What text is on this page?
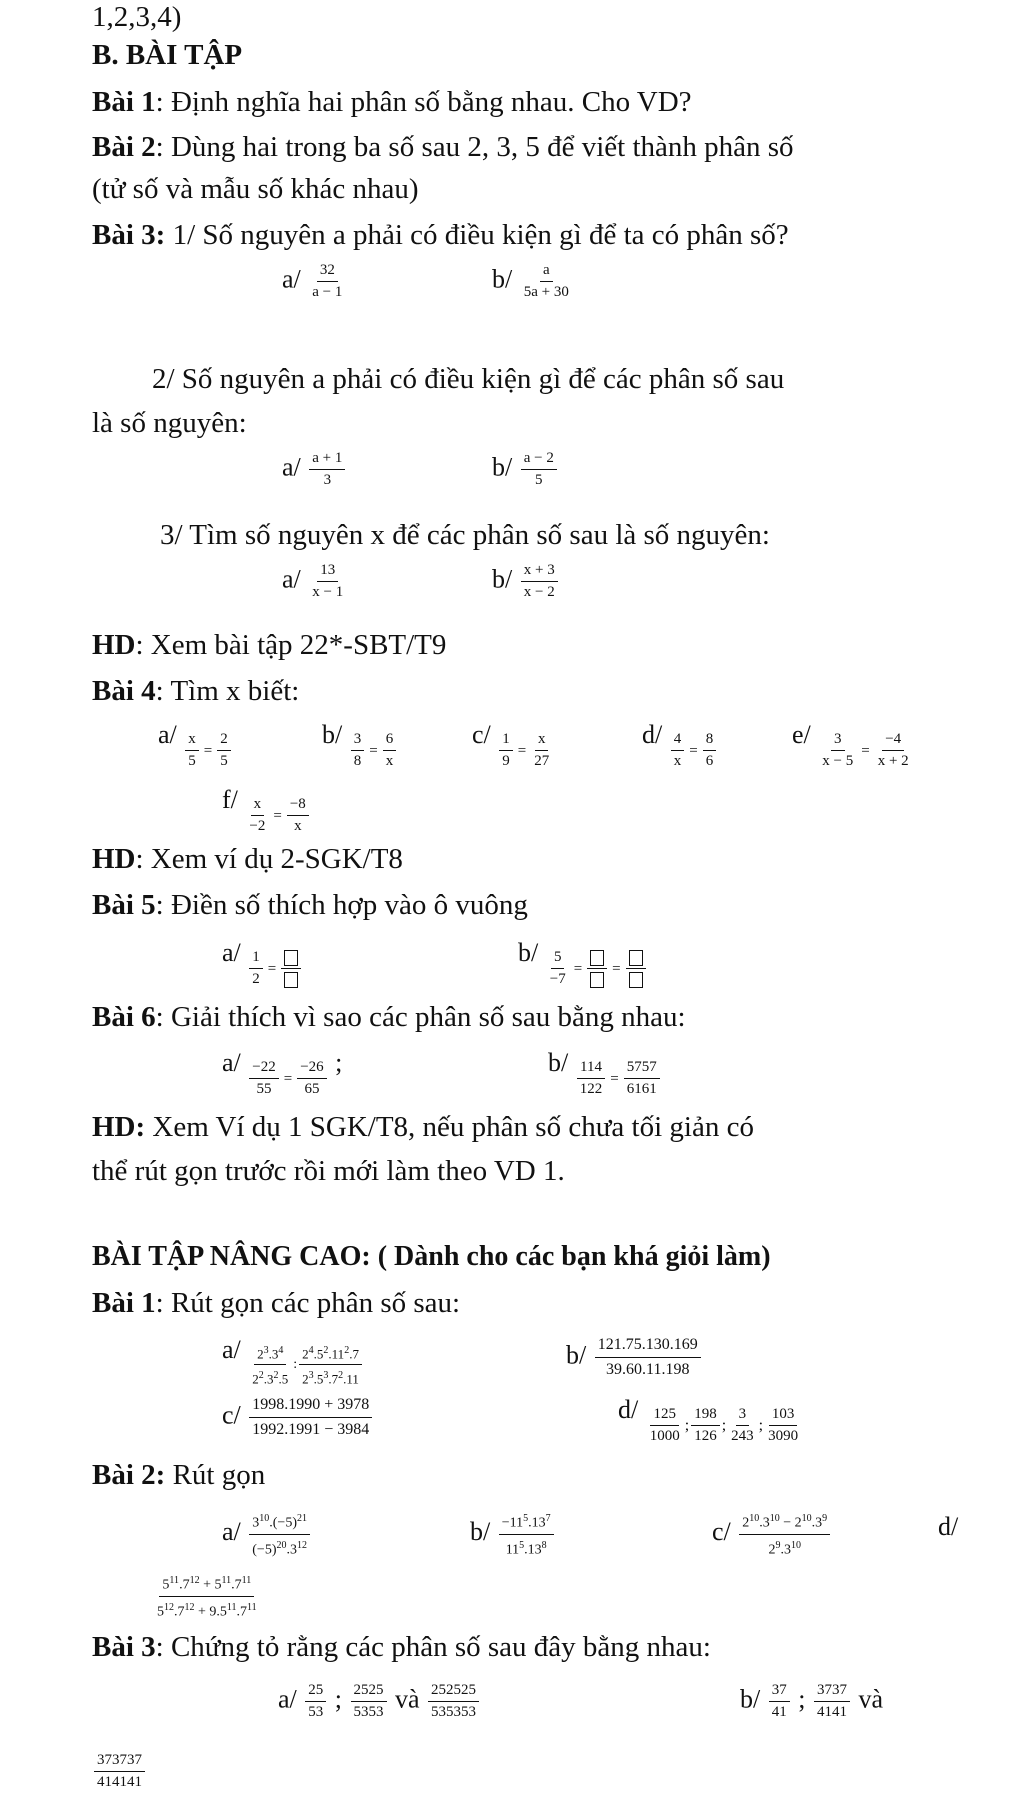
1,2,3,4)
B. BÀI TẬP
Bài 1: Định nghĩa hai phân số bằng nhau. Cho VD?
Bài 2: Dùng hai trong ba số sau 2, 3, 5 để viết thành phân số
(tử số và mẫu số khác nhau)
Bài 3: 1/ Số nguyên a phải có điều kiện gì để ta có phân số?
$a/ \frac{32}{a - 1}$	$b/ \frac{a}{5a + 30}$
2/ Số nguyên a phải có điều kiện gì để các phân số sau
là số nguyên:
$a/ \frac{a + 1}{3}$	$b/ \frac{a - 2}{5}$
3/ Tìm số nguyên x để các phân số sau là số nguyên:
$a/ \frac{13}{x - 1}$	$b/ \frac{x + 3}{x - 2}$
HD: Xem bài tập 22*-SBT/T9
Bài 4: Tìm x biết:
$a/ \frac{x}{5} = \frac{2}{5}$	$b/ \frac{3}{8} = \frac{6}{x}$	$c/ \frac{1}{9} = \frac{x}{27}$	$d/ \frac{4}{x} = \frac{8}{6}$	$e/ \frac{3}{x - 5} = \frac{-4}{x + 2}$
$f/ \frac{x}{-2} = \frac{-8}{x}$
HD: Xem ví dụ 2-SGK/T8
Bài 5: Điền số thích hợp vào ô vuông
$a/ \frac{1}{2}$ =
$b/ \frac{5}{-7}$ = =
Bài 6: Giải thích vì sao các phân số sau bằng nhau:
$a/ \frac{-22}{55} = \frac{-26}{65}$ ;	$b/ \frac{114}{122} = \frac{5757}{6161}$
HD: Xem Ví dụ 1 SGK/T8, nếu phân số chưa tối giản có
thể rút gọn trước rồi mới làm theo VD 1.
BÀI TẬP NÂNG CAO: ( Dành cho các bạn khá giỏi làm)
Bài 1: Rút gọn các phân số sau:
$a/ \frac{2^3.3^4}{2^2.3^2.5}$ : $\frac{2^4.5^2.11^2.7}{2^3.5^3.7^2.11}$	$b/ \frac{121.75.130.169}{39.60.11.198}$
$c/ \frac{1998.1990 + 3978}{1992.1991 - 3984}$	$d/ \frac{125}{1000}$ ; $\frac{198}{126}$ ; $\frac{3}{243}$ ; $\frac{103}{3090}$
Bài 2: Rút gọn
$a/ \frac{3^{10}.(-5)^{21}}{(-5)^{20}.3^{12}}$	$b/ \frac{-11^5.13^7}{11^5.13^8}$	$c/ \frac{2^{10}.3^{10} - 2^{10}.3^9}{2^9.3^{10}}$	d/
$\frac{5^{11}.7^{12} + 5^{11}.7^{11}}{5^{12}.7^{12} + 9.5^{11}.7^{11}}$
Bài 3: Chứng tỏ rằng các phân số sau đây bằng nhau:
$a/ \frac{25}{53}$ ; $\frac{2525}{5353}$ và $\frac{252525}{535353}$	$b/ \frac{37}{41}$ ; $\frac{3737}{4141}$ và
$\frac{373737}{414141}$
